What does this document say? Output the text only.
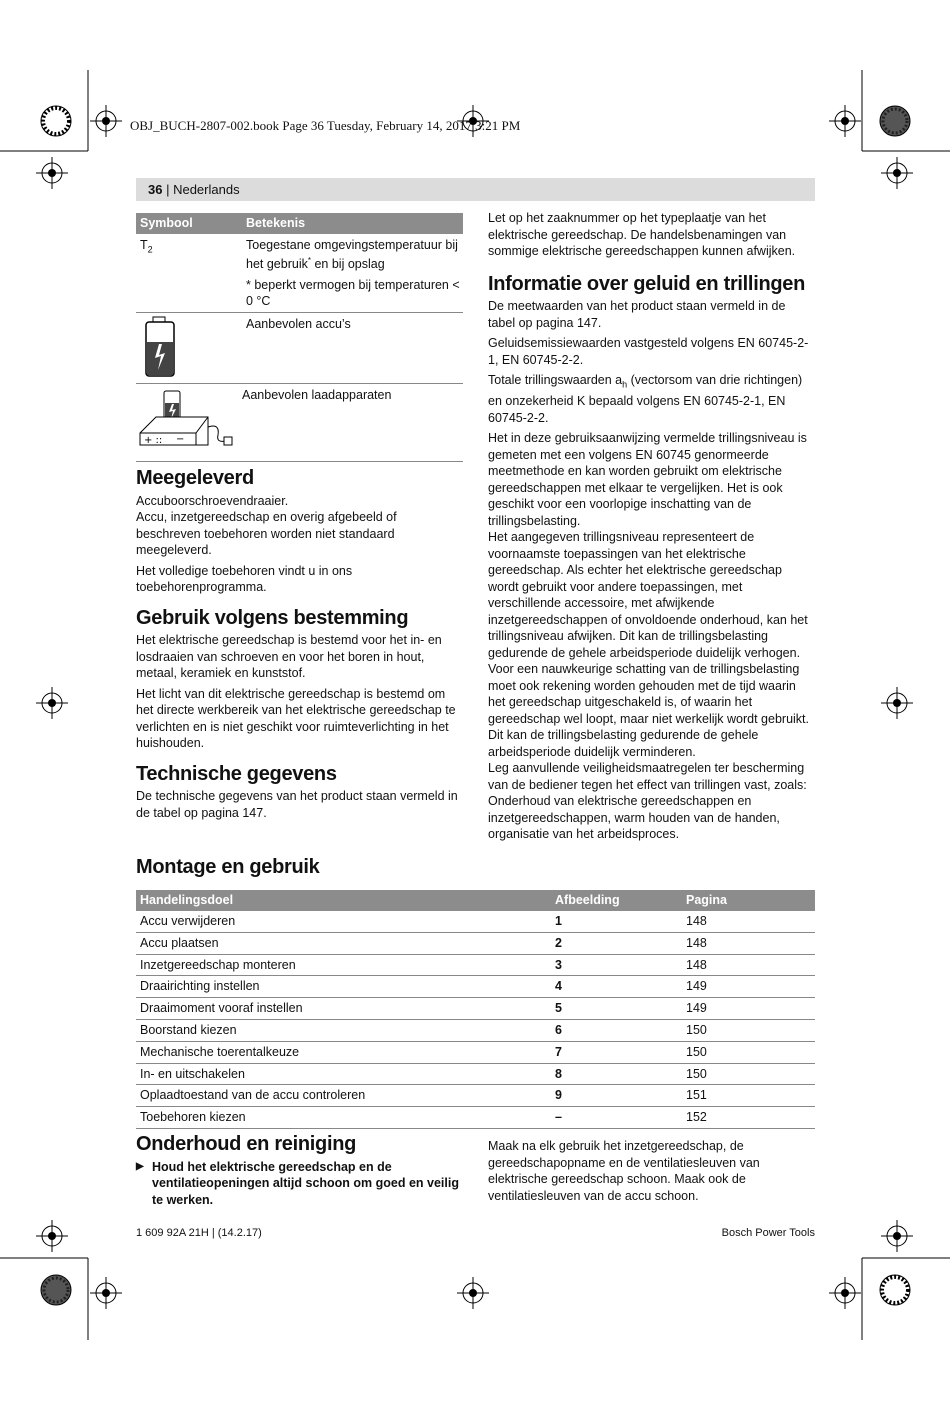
OBJ_BUCH-2807-002.book Page 36 Tuesday, February 14, 2017 3:21 PM
36 | Nederlands
Symbool	Betekenis
$T_2$	Toegestane omgevingstemperatuur bij het gebruik* en bij opslag
* beperkt vermogen bij temperaturen < 0 °C
Aanbevolen accu’s
+ :: −
Aanbevolen laadapparaten
Meegeleverd

Accuboorschroevendraaier.

Accu, inzetgereedschap en overig afgebeeld of beschreven toebehoren worden niet standaard meegeleverd.

Het volledige toebehoren vindt u in ons toebehorenprogramma.

Gebruik volgens bestemming

Het elektrische gereedschap is bestemd voor het in- en losdraaien van schroeven en voor het boren in hout, metaal, keramiek en kunststof.

Het licht van dit elektrische gereedschap is bestemd om het directe werkbereik van het elektrische gereedschap te verlichten en is niet geschikt voor ruimteverlichting in het huishouden.

Technische gegevens

De technische gegevens van het product staan vermeld in de tabel op pagina 147.

Let op het zaaknummer op het typeplaatje van het elektrische gereedschap. De handelsbenamingen van sommige elektrische gereedschappen kunnen afwijken.

Informatie over geluid en trillingen

De meetwaarden van het product staan vermeld in de tabel op pagina 147.

Geluidsemissiewaarden vastgesteld volgens EN 60745-2-1, EN 60745-2-2.

Totale trillingswaarden $a_h$ (vectorsom van drie richtingen) en onzekerheid K bepaald volgens EN 60745-2-1, EN 60745-2-2.

Het in deze gebruiksaanwijzing vermelde trillingsniveau is gemeten met een volgens EN 60745 genormeerde meetmethode en kan worden gebruikt om elektrische gereedschappen met elkaar te vergelijken. Het is ook geschikt voor een voorlopige inschatting van de trillingsbelasting.

Het aangegeven trillingsniveau representeert de voornaamste toepassingen van het elektrische gereedschap. Als echter het elektrische gereedschap wordt gebruikt voor andere toepassingen, met verschillende accessoire, met afwijkende inzetgereedschappen of onvoldoende onderhoud, kan het trillingsniveau afwijken. Dit kan de trillingsbelasting gedurende de gehele arbeidsperiode duidelijk verhogen.

Voor een nauwkeurige schatting van de trillingsbelasting moet ook rekening worden gehouden met de tijd waarin het gereedschap uitgeschakeld is, of waarin het gereedschap wel loopt, maar niet werkelijk wordt gebruikt. Dit kan de trillingsbelasting gedurende de gehele arbeidsperiode duidelijk verminderen.

Leg aanvullende veiligheidsmaatregelen ter bescherming van de bediener tegen het effect van trillingen vast, zoals: Onderhoud van elektrische gereedschappen en inzetgereedschappen, warm houden van de handen, organisatie van het arbeidsproces.

Montage en gebruik
Handelingsdoel	Afbeelding	Pagina
Accu verwijderen	1	148
Accu plaatsen	2	148
Inzetgereedschap monteren	3	148
Draairichting instellen	4	149
Draaimoment vooraf instellen	5	149
Boorstand kiezen	6	150
Mechanische toerentalkeuze	7	150
In- en uitschakelen	8	150
Oplaadtoestand van de accu controleren	9	151
Toebehoren kiezen	–	152
Onderhoud en reiniging
▶ Houd het elektrische gereedschap en de ventilatieopeningen altijd schoon om goed en veilig te werken.
Maak na elk gebruik het inzetgereedschap, de gereedschapopname en de ventilatiesleuven van elektrische gereedschap schoon. Maak ook de ventilatiesleuven van de accu schoon.
1 609 92A 21H | (14.2.17)	Bosch Power Tools
